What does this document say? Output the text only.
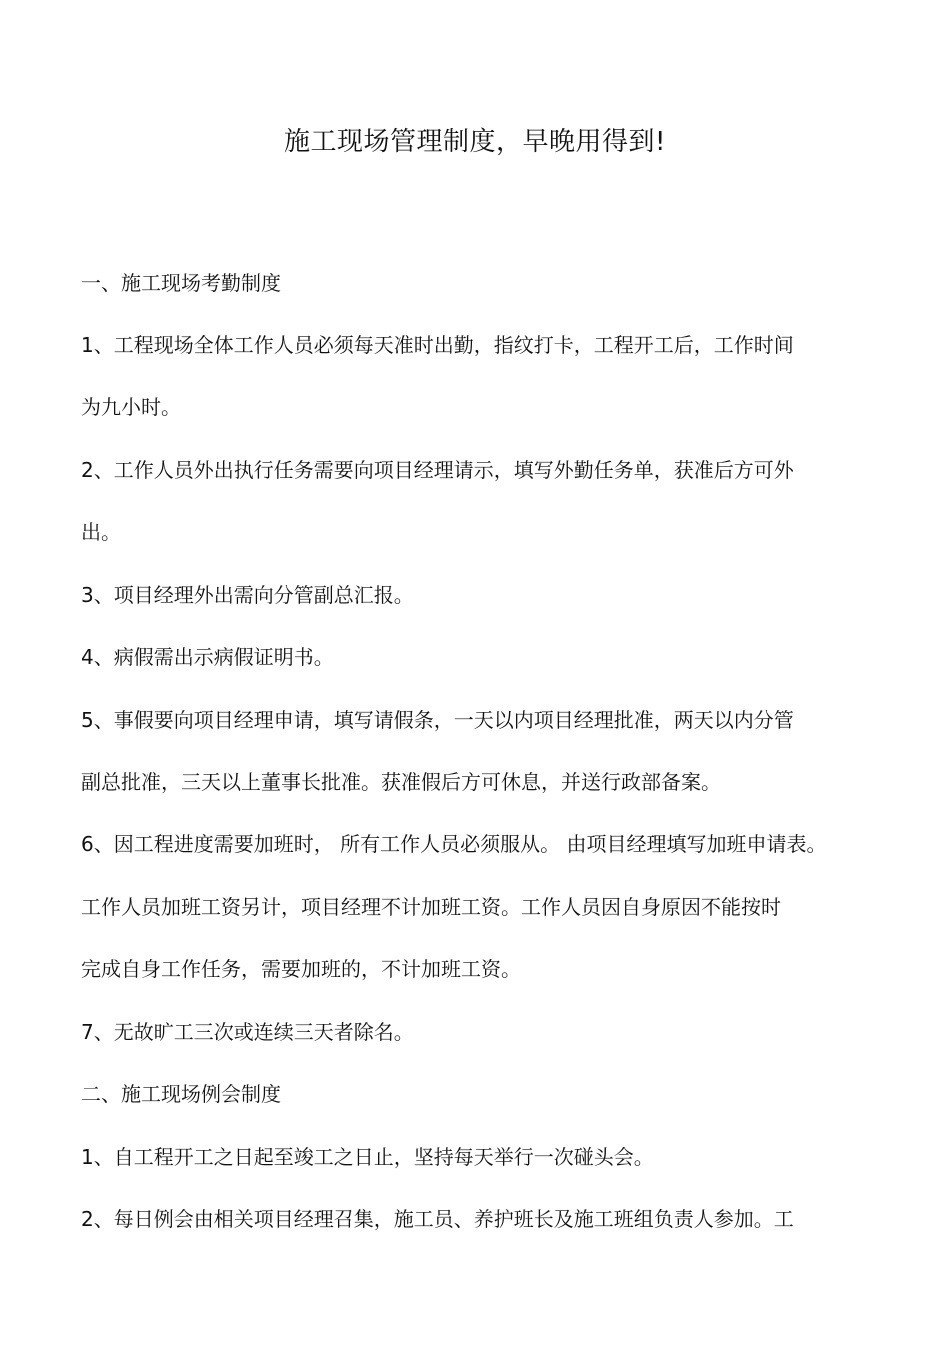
施工现场管理制度，早晚用得到!
一、施工现场考勤制度
1、工程现场全体工作人员必须每天准时出勤，指纹打卡，工程开工后，工作时间
为九小时。
2、工作人员外出执行任务需要向项目经理请示，填写外勤任务单，获准后方可外
出。
3、项目经理外出需向分管副总汇报。
4、病假需出示病假证明书。
5、事假要向项目经理申请，填写请假条，一天以内项目经理批准，两天以内分管
副总批准，三天以上董事长批准。获准假后方可休息，并送行政部备案。
6、因工程进度需要加班时， 所有工作人员必须服从。 由项目经理填写加班申请表。
工作人员加班工资另计，项目经理不计加班工资。工作人员因自身原因不能按时
完成自身工作任务，需要加班的，不计加班工资。
7、无故旷工三次或连续三天者除名。
二、施工现场例会制度
1、自工程开工之日起至竣工之日止，坚持每天举行一次碰头会。
2、每日例会由相关项目经理召集，施工员、养护班长及施工班组负责人参加。工
